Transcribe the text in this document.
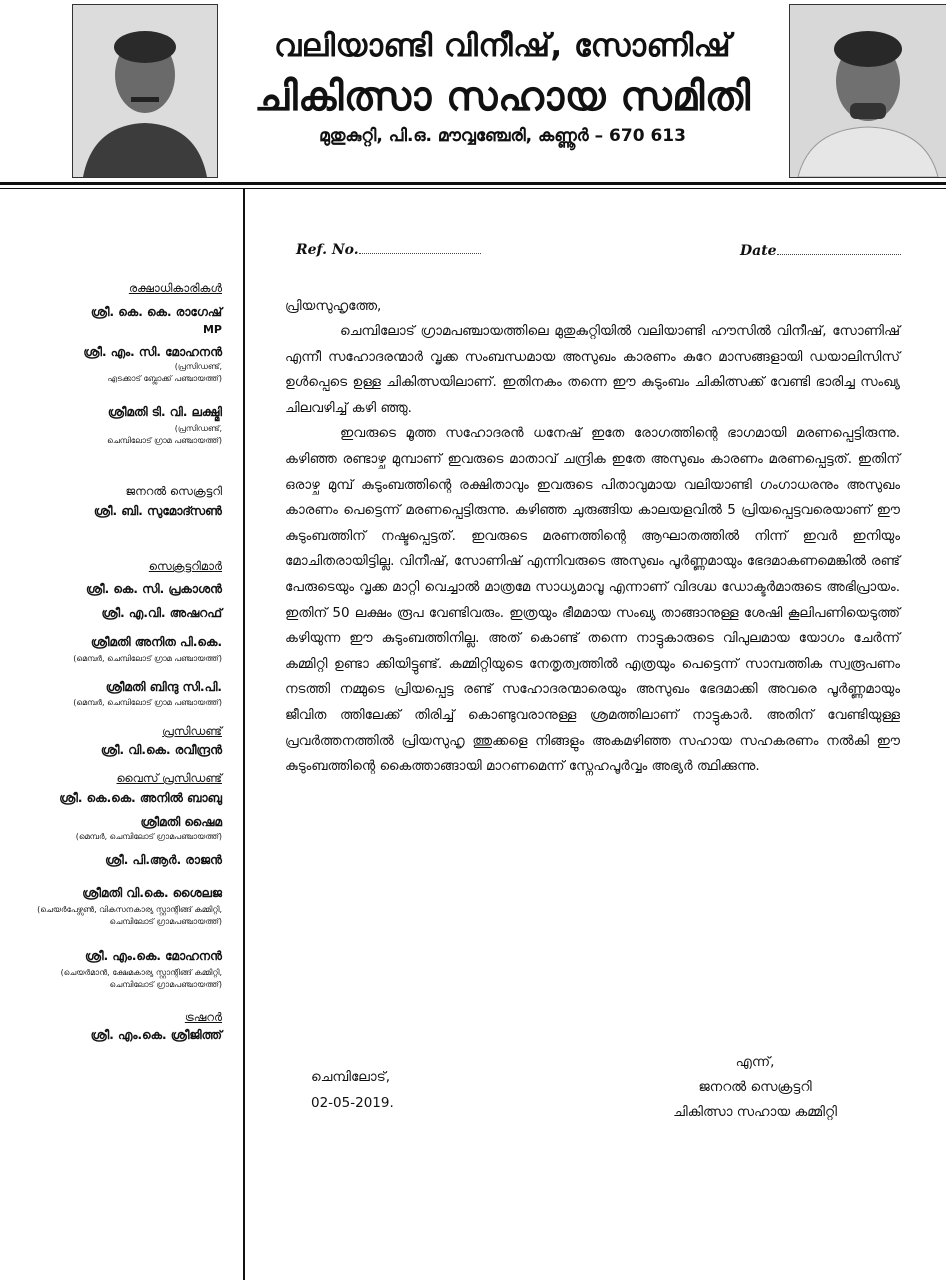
വലിയാണ്ടി വിനീഷ്, സോണിഷ്
ചികിത്സാ സഹായ സമിതി
മുതുകുറ്റി, പി.ഒ. മൗവ്വഞ്ചേരി, കണ്ണൂർ – 670 613
Ref. No.	Date
രക്ഷാധികാരികൾ
ശ്രീ. കെ. കെ. രാഗേഷ്
MP
ശ്രീ. എം. സി. മോഹനൻ
(പ്രസിഡണ്ട്,
എടക്കാട് ബ്ലോക്ക് പഞ്ചായത്ത്)
ശ്രീമതി ടി. വി. ലക്ഷ്മി
(പ്രസിഡണ്ട്,
ചെമ്പിലോട് ഗ്രാമ പഞ്ചായത്ത്)
ജനറൽ സെക്രട്ടറി
ശ്രീ. ബി. സുമോദ്സൺ
സെക്രട്ടറിമാർ
ശ്രീ. കെ. സി. പ്രകാശൻ
ശ്രീ. എ.വി. അഷറഫ്
ശ്രീമതി അനിത പി.കെ.
(മെമ്പർ, ചെമ്പിലോട് ഗ്രാമ പഞ്ചായത്ത്)
ശ്രീമതി ബിന്ദു സി.പി.
(മെമ്പർ, ചെമ്പിലോട് ഗ്രാമ പഞ്ചായത്ത്)
പ്രസിഡണ്ട്
ശ്രീ. വി.കെ. രവീന്ദ്രൻ
വൈസ് പ്രസിഡണ്ട്
ശ്രീ. കെ.കെ. അനിൽ ബാബു
ശ്രീമതി ഷൈമ
(മെമ്പർ, ചെമ്പിലോട് ഗ്രാമപഞ്ചായത്ത്)
ശ്രീ. പി.ആർ. രാജൻ
ശ്രീമതി വി.കെ. ശൈലജ
(ചെയർപേഴ്സൺ, വികസനകാര്യ സ്റ്റാന്റിങ്ങ് കമ്മിറ്റി,
ചെമ്പിലോട് ഗ്രാമപഞ്ചായത്ത്)
ശ്രീ. എം.കെ. മോഹനൻ
(ചെയർമാൻ, ക്ഷേമകാര്യ സ്റ്റാന്റിങ്ങ് കമ്മിറ്റി,
ചെമ്പിലോട് ഗ്രാമപഞ്ചായത്ത്)
ട്രഷറർ
ശ്രീ. എം.കെ. ശ്രീജിത്ത്
പ്രിയസുഹൃത്തേ,

ചെമ്പിലോട് ഗ്രാമപഞ്ചായത്തിലെ മുതുകുറ്റിയിൽ വലിയാണ്ടി ഹൗസിൽ വിനീഷ്, സോണിഷ് എന്നീ സഹോദരന്മാർ വൃക്ക സംബന്ധമായ അസുഖം കാരണം കുറേ മാസങ്ങളായി ഡയാലിസിസ് ഉൾപ്പെടെ ഉള്ള ചികിത്സയിലാണ്. ഇതിനകം തന്നെ ഈ കുടുംബം ചികിത്സക്ക് വേണ്ടി ഭാരിച്ച സംഖ്യ ചിലവഴിച്ച് കഴി ഞ്ഞു.

ഇവരുടെ മൂത്ത സഹോദരൻ ധനേഷ് ഇതേ രോഗത്തിന്റെ ഭാഗമായി മരണപ്പെട്ടിരുന്നു. കഴിഞ്ഞ രണ്ടാഴ്ച മുമ്പാണ് ഇവരുടെ മാതാവ് ചന്ദ്രിക ഇതേ അസുഖം കാരണം മരണപ്പെട്ടത്. ഇതിന് ഒരാഴ്ച മുമ്പ് കുടുംബത്തിന്റെ രക്ഷിതാവും ഇവരുടെ പിതാവുമായ വലിയാണ്ടി ഗംഗാധരനും അസുഖം കാരണം പെട്ടെന്ന് മരണപ്പെട്ടിരുന്നു. കഴിഞ്ഞ ചുരുങ്ങിയ കാലയളവിൽ 5 പ്രിയപ്പെട്ടവരെയാണ് ഈ കുടുംബത്തിന് നഷ്ടപ്പെട്ടത്. ഇവരുടെ മരണത്തിന്റെ ആഘാതത്തിൽ നിന്ന് ഇവർ ഇനിയും മോചിതരായിട്ടില്ല. വിനീഷ്, സോണിഷ് എന്നിവരുടെ അസുഖം പൂർണ്ണമായും ഭേദമാകണമെങ്കിൽ രണ്ട് പേരുടെയും വൃക്ക മാറ്റി വെച്ചാൽ മാത്രമേ സാധ്യമാവൂ എന്നാണ് വിദഗ്ദ്ധ ഡോക്ടർമാരുടെ അഭിപ്രായം. ഇതിന് 50 ലക്ഷം രൂപ വേണ്ടിവരും. ഇത്രയും ഭീമമായ സംഖ്യ താങ്ങാനുള്ള ശേഷി കൂലിപണിയെടുത്ത് കഴിയുന്ന ഈ കുടുംബത്തിനില്ല. അത് കൊണ്ട് തന്നെ നാട്ടുകാരുടെ വിപുലമായ യോഗം ചേർന്ന് കമ്മിറ്റി ഉണ്ടാ ക്കിയിട്ടുണ്ട്. കമ്മിറ്റിയുടെ നേതൃത്വത്തിൽ എത്രയും പെട്ടെന്ന് സാമ്പത്തിക സ്വരൂപണം നടത്തി നമ്മുടെ പ്രിയപ്പെട്ട രണ്ട് സഹോദരന്മാരെയും അസുഖം ഭേദമാക്കി അവരെ പൂർണ്ണമായും ജീവിത ത്തിലേക്ക് തിരിച്ച് കൊണ്ടുവരാനുള്ള ശ്രമത്തിലാണ് നാട്ടുകാർ. അതിന് വേണ്ടിയുള്ള പ്രവർത്തനത്തിൽ പ്രിയസുഹൃ ത്തുക്കളെ നിങ്ങളും അകമഴിഞ്ഞ സഹായ സഹകരണം നൽകി ഈ കുടുംബത്തിന്റെ കൈത്താങ്ങായി മാറണമെന്ന് സ്നേഹപൂർവ്വം അഭ്യർ ത്ഥിക്കുന്നു.

ചെമ്പിലോട്,
02-05-2019.
എന്ന്,
ജനറൽ സെക്രട്ടറി
ചികിത്സാ സഹായ കമ്മിറ്റി
